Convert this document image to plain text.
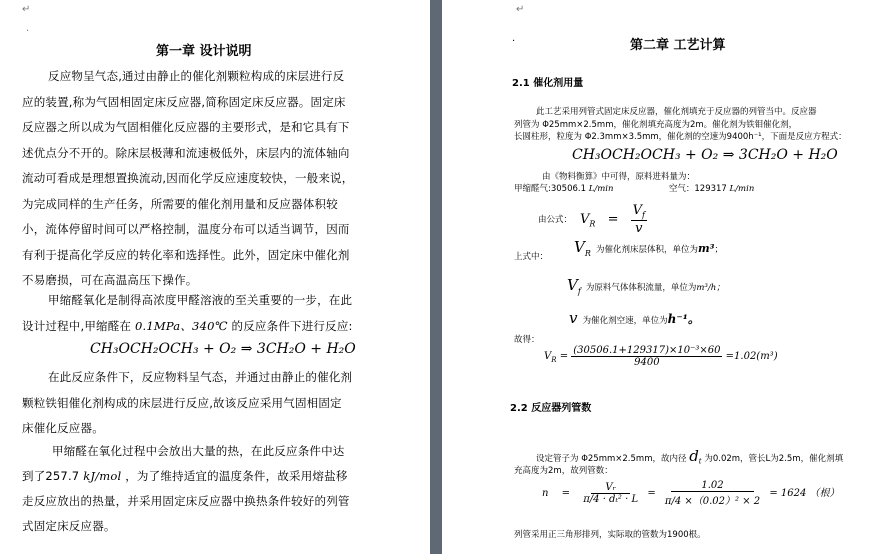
↵
·
第一章 设计说明
反应物呈气态,通过由静止的催化剂颗粒构成的床层进行反
应的装置,称为气固相固定床反应器,简称固定床反应器。固定床
反应器之所以成为气固相催化反应器的主要形式，是和它具有下
述优点分不开的。除床层极薄和流速极低外，床层内的流体轴向
流动可看成是理想置换流动,因而化学反应速度较快，一般来说，
为完成同样的生产任务，所需要的催化剂用量和反应器体积较
小，流体停留时间可以严格控制，温度分布可以适当调节，因而
有利于提高化学反应的转化率和选择性。此外，固定床中催化剂
不易磨损，可在高温高压下操作。
甲缩醛氧化是制得高浓度甲醛溶液的至关重要的一步，在此
设计过程中,甲缩醛在 0.1MPa、340℃ 的反应条件下进行反应:
CH₃OCH₂OCH₃ + O₂ ⇒ 3CH₂O + H₂O
在此反应条件下，反应物料呈气态，并通过由静止的催化剂
颗粒铁钼催化剂构成的床层进行反应,故该反应采用气固相固定
床催化反应器。
甲缩醛在氧化过程中会放出大量的热，在此反应条件中达
到了257.7 kJ/mol ，为了维持适宜的温度条件，故采用熔盐移
走反应放出的热量，并采用固定床反应器中换热条件较好的列管
式固定床反应器。
↵
·	第二章 工艺计算
2.1 催化剂用量
此工艺采用列管式固定床反应器，催化剂填充于反应器的列管当中。反应器
列管为 Φ25mm×2.5mm，催化剂填充高度为2m。催化剂为铁钼催化剂，
长圆柱形，粒度为 Φ2.3mm×3.5mm，催化剂的空速为9400h⁻¹，下面是反应方程式：
CH₃OCH₂OCH₃ + O₂ ⇒ 3CH₂O + H₂O
由《物料衡算》中可得，原料进料量为：
甲缩醛气:30506.1 L/min	空气：129317 L/min
由公式： $V_R = \frac{V_f}{v}$
上式中：
$V_R$ 为催化剂床层体积，单位为m³；
$V_f$ 为原料气体体积流量，单位为m³/h；
v 为催化剂空速，单位为h⁻¹。
故得：
$V_R = \frac{\text{(30506.1+129317)×10⁻³×60}}{9400} =1.02(m^3)$
2.2 反应器列管数
设定管子为 Φ25mm×2.5mm，故内径 $d_t$ 为0.02m，管长L为2.5m，催化剂填
充高度为2m，故列管数：
$n = \frac{\text{Vᵣ}}{\text{π/4 · dₜ² · L}} = \frac{1.02}{\text{π/4 ×（0.02）² × 2}} = 1624$ （根）
列管采用正三角形排列，实际取的管数为1900根。
